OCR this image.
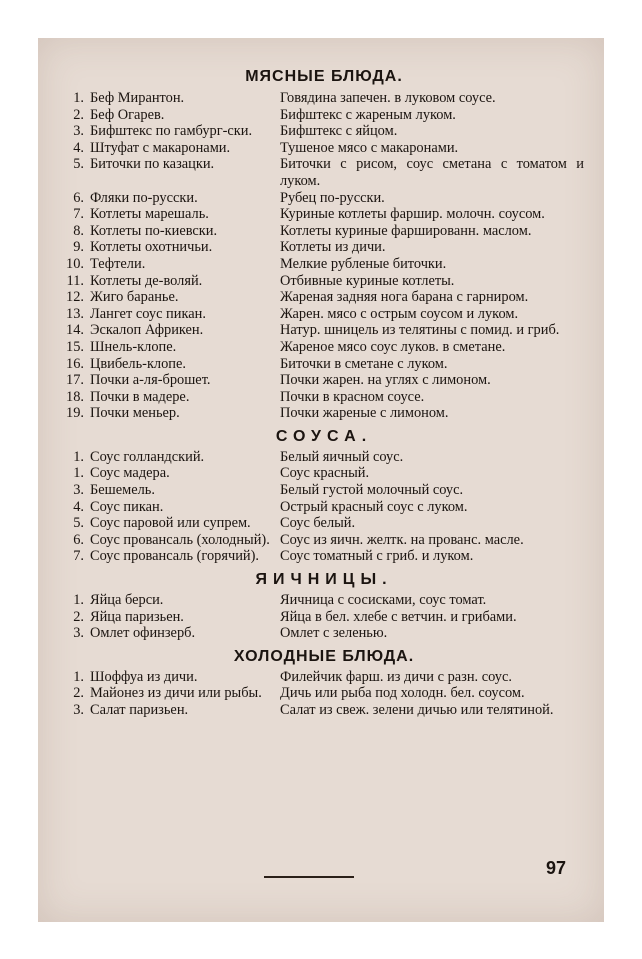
МЯСНЫЕ БЛЮДА.
1. Беф Мирантон.	Говядина запечен. в луковом соусе.
2. Беф Огарев.	Бифштекс с жареным луком.
3. Бифштекс по гамбург-ски.	Бифштекс с яйцом.
4. Штуфат с макаронами.	Тушеное мясо с макаронами.
5. Биточки по казацки.	Биточки с рисом, соус сметана с томатом и луком.
6. Фляки по-русски.	Рубец по-русски.
7. Котлеты марешаль.	Куриные котлеты фаршир. молочн. соусом.
8. Котлеты по-киевски.	Котлеты куриные фаршированн. маслом.
9. Котлеты охотничьи.	Котлеты из дичи.
10. Тефтели.	Мелкие рубленые биточки.
11. Котлеты де-воляй.	Отбивные куриные котлеты.
12. Жиго баранье.	Жареная задняя нога барана с гарниром.
13. Лангет соус пикан.	Жарен. мясо с острым соусом и луком.
14. Эскалоп Африкен.	Натур. шницель из телятины с помид. и гриб.
15. Шнель-клопе.	Жареное мясо соус луков. в сметане.
16. Цвибель-клопе.	Биточки в сметане с луком.
17. Почки а-ля-брошет.	Почки жарен. на углях с лимоном.
18. Почки в мадере.	Почки в красном соусе.
19. Почки меньер.	Почки жареные с лимоном.
СОУСА.
1. Соус голландский.	Белый яичный соус.
1. Соус мадера.	Соус красный.
3. Бешемель.	Белый густой молочный соус.
4. Соус пикан.	Острый красный соус с луком.
5. Соус паровой или супрем.	Соус белый.
6. Соус провансаль (холодный). Соус из яичн. желтк. на прованс. масле.
7. Соус провансаль (горячий).	Соус томатный с гриб. и луком.
ЯИЧНИЦЫ.
1. Яйца берси.	Яичница с сосисками, соус томат.
2. Яйца паризьен.	Яйца в бел. хлебе с ветчин. и грибами.
3. Омлет офинзерб.	Омлет с зеленью.
ХОЛОДНЫЕ БЛЮДА.
1. Шоффуа из дичи.	Филейчик фарш. из дичи с разн. соус.
2. Майонез из дичи или рыбы.	Дичь или рыба под холодн. бел. соусом.
3. Салат паризьен.	Салат из свеж. зелени дичью или телятиной.
97
